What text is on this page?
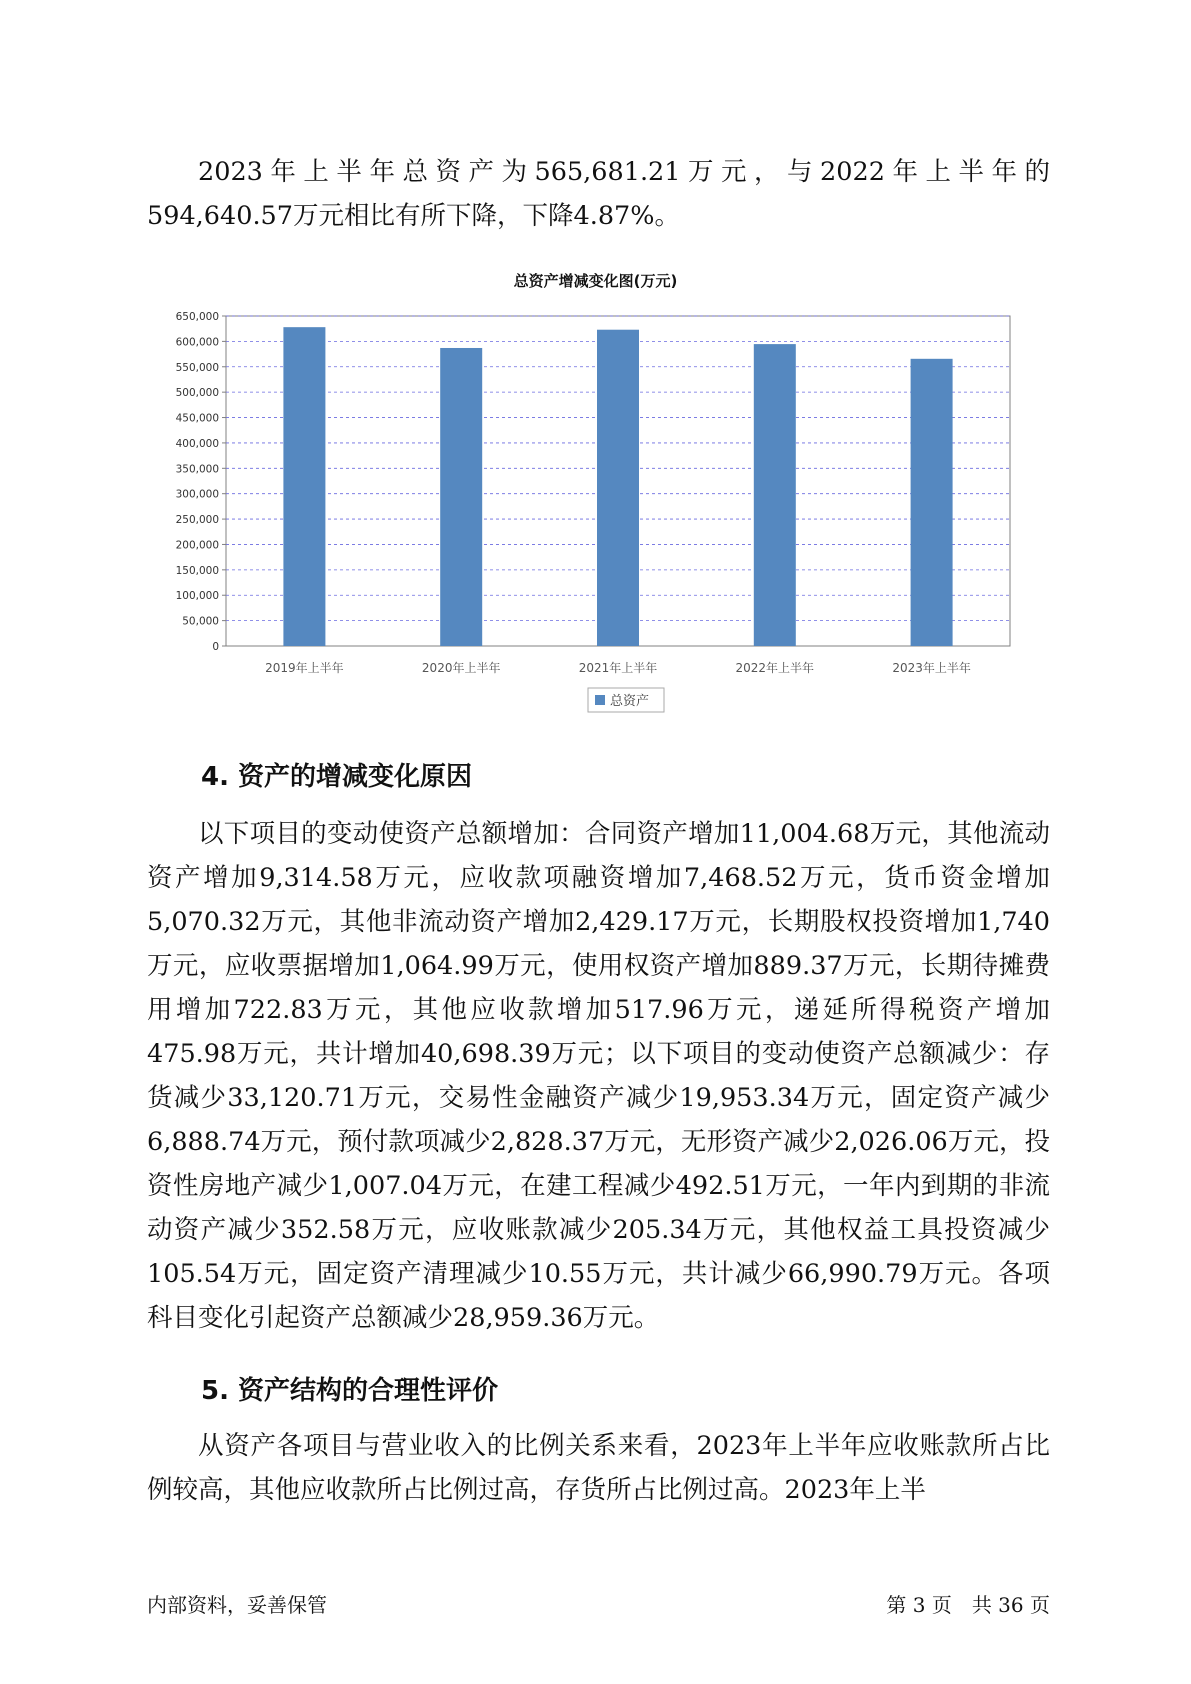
2023年上半年总资产为565,681.21万元，与2022年上半年的594,640.57万元相比有所下降，下降4.87%。

总资产增减变化图(万元)
0
50,000
100,000
150,000
200,000
250,000
300,000
350,000
400,000
450,000
500,000
550,000
600,000
650,000
2019年上半年	2020年上半年	2021年上半年	2022年上半年	2023年上半年
总资产
4. 资产的增减变化原因

以下项目的变动使资产总额增加：合同资产增加11,004.68万元，其他流动资产增加9,314.58万元，应收款项融资增加7,468.52万元，货币资金增加5,070.32万元，其他非流动资产增加2,429.17万元，长期股权投资增加1,740万元，应收票据增加1,064.99万元，使用权资产增加889.37万元，长期待摊费用增加722.83万元，其他应收款增加517.96万元，递延所得税资产增加475.98万元，共计增加40,698.39万元；以下项目的变动使资产总额减少：存货减少33,120.71万元，交易性金融资产减少19,953.34万元，固定资产减少6,888.74万元，预付款项减少2,828.37万元，无形资产减少2,026.06万元，投资性房地产减少1,007.04万元，在建工程减少492.51万元，一年内到期的非流动资产减少352.58万元，应收账款减少205.34万元，其他权益工具投资减少105.54万元，固定资产清理减少10.55万元，共计减少66,990.79万元。各项科目变化引起资产总额减少28,959.36万元。

5. 资产结构的合理性评价

从资产各项目与营业收入的比例关系来看，2023年上半年应收账款所占比例较高，其他应收款所占比例过高，存货所占比例过高。2023年上半

内部资料，妥善保管	第 3 页　共 36 页
